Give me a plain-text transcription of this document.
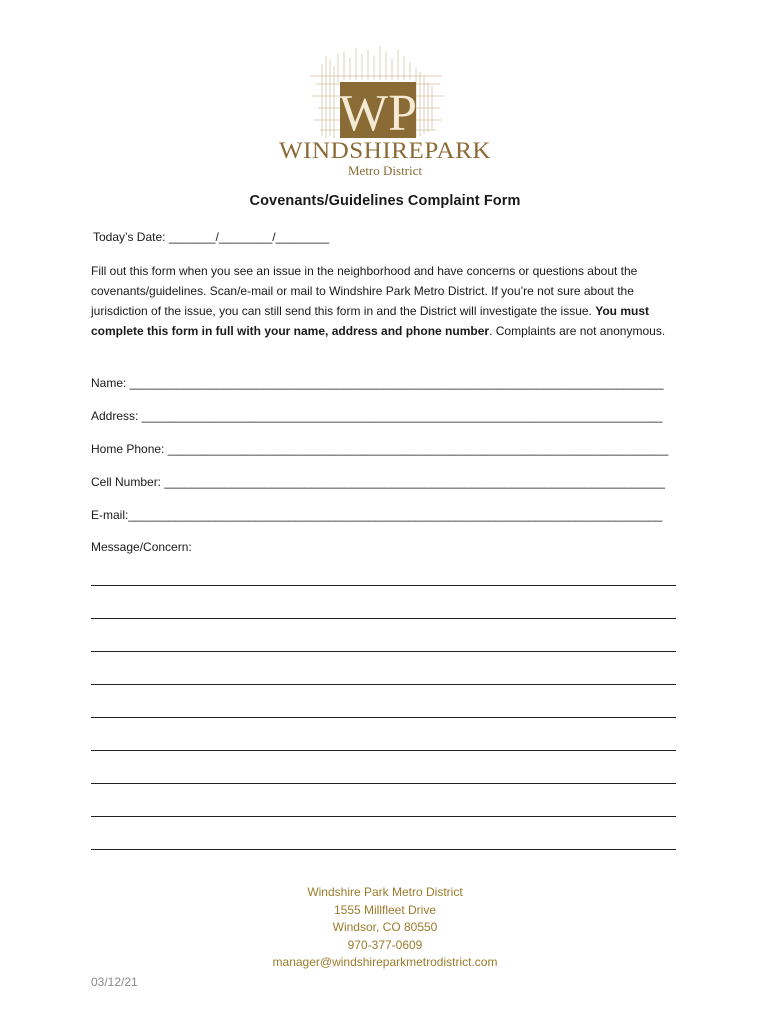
WP
WINDSHIREPARK
Metro District
Covenants/Guidelines Complaint Form
Today’s Date: _______/________/________
Fill out this form when you see an issue in the neighborhood and have concerns or questions about the covenants/guidelines. Scan/e-mail or mail to Windshire Park Metro District. If you’re not sure about the jurisdiction of the issue, you can still send this form in and the District will investigate the issue. You must complete this form in full with your name, address and phone number. Complaints are not anonymous.
Name: ________________________________________________________________________________
Address: ______________________________________________________________________________
Home Phone: ___________________________________________________________________________
Cell Number: ___________________________________________________________________________
E-mail:________________________________________________________________________________
Message/Concern:
Windshire Park Metro District
1555 Millfleet Drive
Windsor, CO 80550
970-377-0609
manager@windshireparkmetrodistrict.com
03/12/21
